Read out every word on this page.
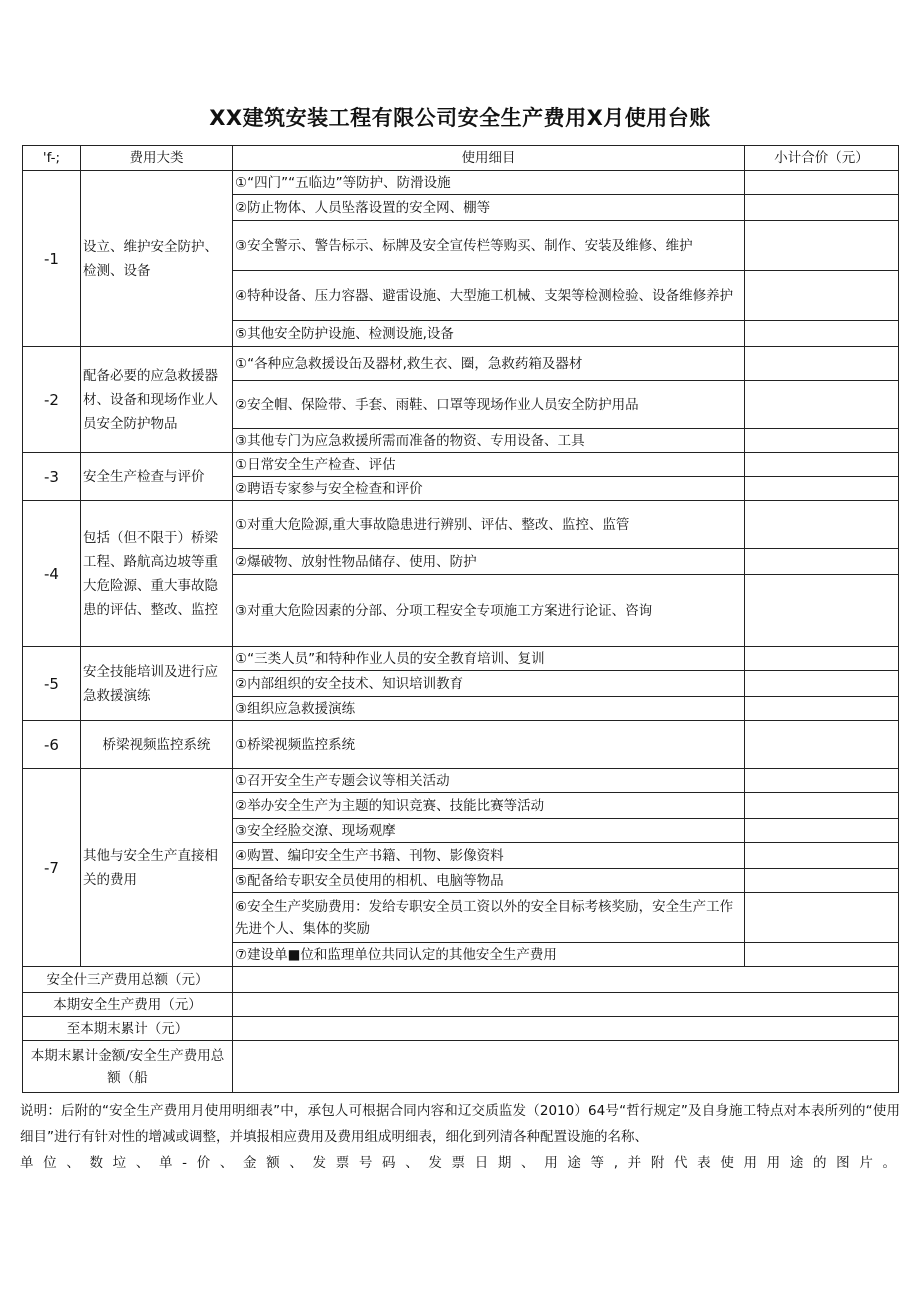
XX建筑安装工程有限公司安全生产费用X月使用台账
'f-;	费用大类	使用细目	小计合价（元）
-1	设立、维护安全防护、检测、设备	①“四门”“五临边”等防护、防滑设施	
		②防止物体、人员坠落设置的安全网、棚等	
		③安全警示、警告标示、标牌及安全宣传栏等购买、制作、安装及维修、维护	
		④特种设备、压力容器、避雷设施、大型施工机械、支架等检测检验、设备维修养护	
		⑤其他安全防护设施、检测设施,设备	
-2	配备必要的应急救援器材、设备和现场作业人员安全防护物品	①“各种应急救援设缶及器材,救生衣、圈，急救药箱及器材	
		②安全帽、保险带、手套、雨鞋、口罩等现场作业人员安全防护用品	
		③其他专门为应急救援所需而准备的物资、专用设备、工具	
-3	安全生产检查与评价	①日常安全生产检查、评估	
		②聘语专家参与安全检查和评价	
-4	包括（但不限于）桥梁工程、路航高边坡等重大危险源、重大事故隐患的评估、整改、监控	①对重大危险源,重大事故隐患进行辨别、评估、整改、监控、监管	
		②爆破物、放射性物品储存、使用、防护	
		③对重大危险因素的分部、分项工程安全专项施工方案进行论证、咨询	
-5	安全技能培训及进行应急救援演练	①“三类人员”和特种作业人员的安全教育培训、复训	
		②内部组织的安全技术、知识培训教育	
		③组织应急救援演练	
-6	桥梁视频监控系统	①桥梁视频监控系统	
-7	其他与安全生产直接相关的费用	①召开安全生产专题会议等相关活动	
		②举办安全生产为主题的知识竞赛、技能比赛等活动	
		③安全经脸交潦、现场观摩	
		④购置、编印安全生产书籍、刊物、影像资料	
		⑤配备给专职安全员使用的相机、电脑等物品	
		⑥安全生产奖励费用：发给专职安全员工资以外的安全目标考核奖励，安全生产工作先进个人、集体的奖励	
		⑦建设单■位和监理单位共同认定的其他安全生产费用	
安全什三产费用总额（元）			
本期安全生产费用（元）			
至本期末累计（元）			
本期末累计金额/安全生产费用总额（船			
说明：后附的“安全生产费用月使用明细表”中，承包人可根据合同内容和辽交质监发（2010）64号“哲行规定”及自身施工特点对本表所列的“使用细目”进行有针对性的增减或调整，并填报相应费用及费用组成明细表，细化到列清各种配置设施的名称、
单位、数垃、单-价、金额、发票号码、发票日期、用途等,并附代表使用用途的图片。
